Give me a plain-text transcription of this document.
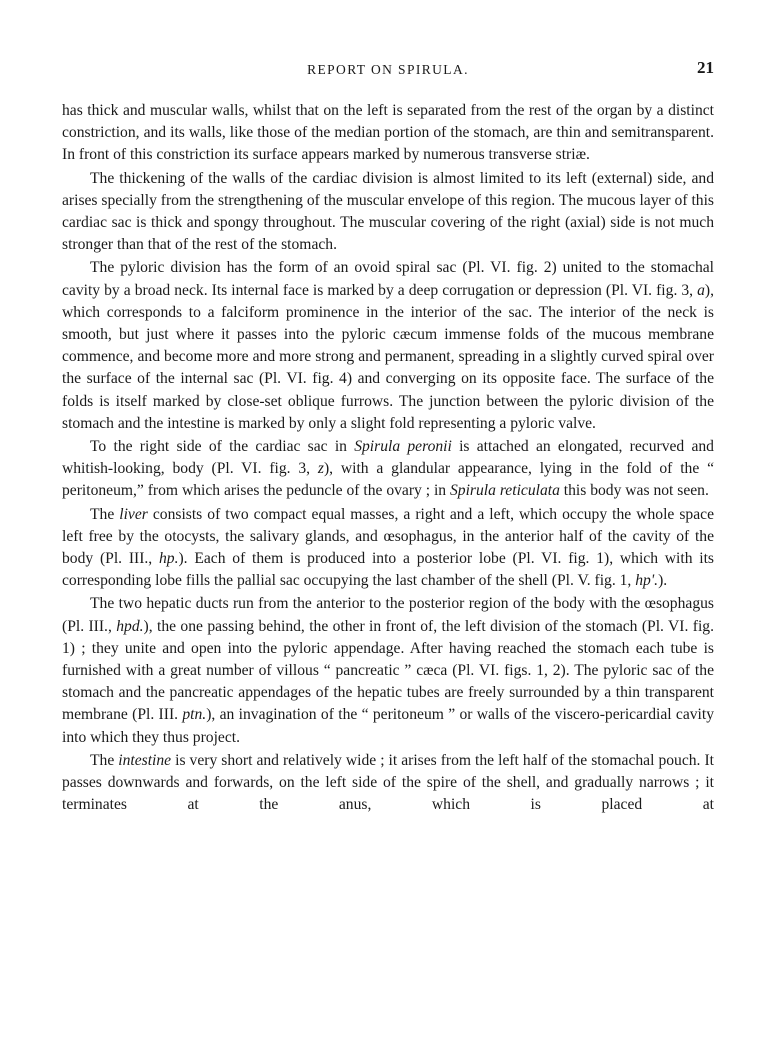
REPORT ON SPIRULA.	21

has thick and muscular walls, whilst that on the left is separated from the rest of the organ by a distinct constriction, and its walls, like those of the median portion of the stomach, are thin and semitransparent. In front of this constriction its surface appears marked by numerous transverse striæ.

The thickening of the walls of the cardiac division is almost limited to its left (external) side, and arises specially from the strengthening of the muscular envelope of this region. The mucous layer of this cardiac sac is thick and spongy throughout. The muscular covering of the right (axial) side is not much stronger than that of the rest of the stomach.

The pyloric division has the form of an ovoid spiral sac (Pl. VI. fig. 2) united to the stomachal cavity by a broad neck. Its internal face is marked by a deep corrugation or depression (Pl. VI. fig. 3, a), which corresponds to a falciform prominence in the interior of the sac. The interior of the neck is smooth, but just where it passes into the pyloric cæcum immense folds of the mucous membrane commence, and become more and more strong and permanent, spreading in a slightly curved spiral over the surface of the internal sac (Pl. VI. fig. 4) and converging on its opposite face. The surface of the folds is itself marked by close-set oblique furrows. The junction between the pyloric division of the stomach and the intestine is marked by only a slight fold representing a pyloric valve.

To the right side of the cardiac sac in Spirula peronii is attached an elongated, recurved and whitish-looking, body (Pl. VI. fig. 3, z), with a glandular appearance, lying in the fold of the “ peritoneum,” from which arises the peduncle of the ovary ; in Spirula reticulata this body was not seen.

The liver consists of two compact equal masses, a right and a left, which occupy the whole space left free by the otocysts, the salivary glands, and œsophagus, in the anterior half of the cavity of the body (Pl. III., hp.). Each of them is produced into a posterior lobe (Pl. VI. fig. 1), which with its corresponding lobe fills the pallial sac occupying the last chamber of the shell (Pl. V. fig. 1, hp'.).

The two hepatic ducts run from the anterior to the posterior region of the body with the œsophagus (Pl. III., hpd.), the one passing behind, the other in front of, the left division of the stomach (Pl. VI. fig. 1) ; they unite and open into the pyloric appendage. After having reached the stomach each tube is furnished with a great number of villous “ pancreatic ” cæca (Pl. VI. figs. 1, 2). The pyloric sac of the stomach and the pancreatic appendages of the hepatic tubes are freely surrounded by a thin transparent membrane (Pl. III. ptn.), an invagination of the “ peritoneum ” or walls of the viscero-pericardial cavity into which they thus project.

The intestine is very short and relatively wide ; it arises from the left half of the stomachal pouch. It passes downwards and forwards, on the left side of the spire of the shell, and gradually narrows ; it terminates at the anus, which is placed at
